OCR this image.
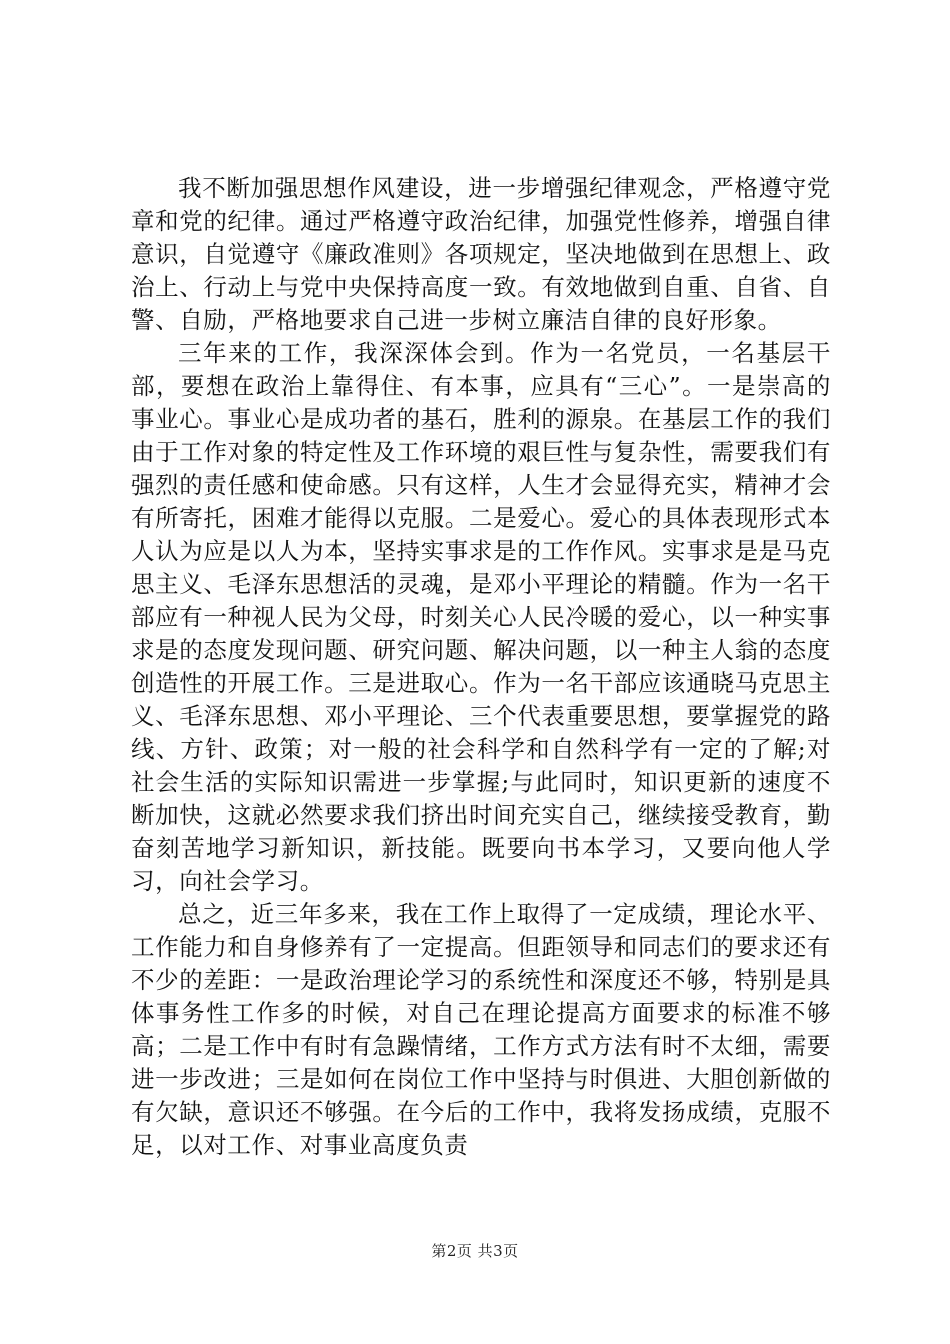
我不断加强思想作风建设，进一步增强纪律观念，严格遵守党章和党的纪律。通过严格遵守政治纪律，加强党性修养，增强自律意识，自觉遵守《廉政准则》各项规定，坚决地做到在思想上、政治上、行动上与党中央保持高度一致。有效地做到自重、自省、自警、自励，严格地要求自己进一步树立廉洁自律的良好形象。

三年来的工作，我深深体会到。作为一名党员，一名基层干部，要想在政治上靠得住、有本事，应具有“三心”。一是崇高的事业心。事业心是成功者的基石，胜利的源泉。在基层工作的我们由于工作对象的特定性及工作环境的艰巨性与复杂性，需要我们有强烈的责任感和使命感。只有这样，人生才会显得充实，精神才会有所寄托，困难才能得以克服。二是爱心。爱心的具体表现形式本人认为应是以人为本，坚持实事求是的工作作风。实事求是是马克思主义、毛泽东思想活的灵魂，是邓小平理论的精髓。作为一名干部应有一种视人民为父母，时刻关心人民冷暖的爱心，以一种实事求是的态度发现问题、研究问题、解决问题，以一种主人翁的态度创造性的开展工作。三是进取心。作为一名干部应该通晓马克思主义、毛泽东思想、邓小平理论、三个代表重要思想，要掌握党的路线、方针、政策；对一般的社会科学和自然科学有一定的了解;对社会生活的实际知识需进一步掌握;与此同时，知识更新的速度不断加快，这就必然要求我们挤出时间充实自己，继续接受教育，勤奋刻苦地学习新知识，新技能。既要向书本学习，又要向他人学习，向社会学习。

总之，近三年多来，我在工作上取得了一定成绩，理论水平、工作能力和自身修养有了一定提高。但距领导和同志们的要求还有不少的差距：一是政治理论学习的系统性和深度还不够，特别是具体事务性工作多的时候，对自己在理论提高方面要求的标准不够高；二是工作中有时有急躁情绪，工作方式方法有时不太细，需要进一步改进；三是如何在岗位工作中坚持与时俱进、大胆创新做的有欠缺，意识还不够强。在今后的工作中，我将发扬成绩，克服不足，以对工作、对事业高度负责

第2页 共3页
